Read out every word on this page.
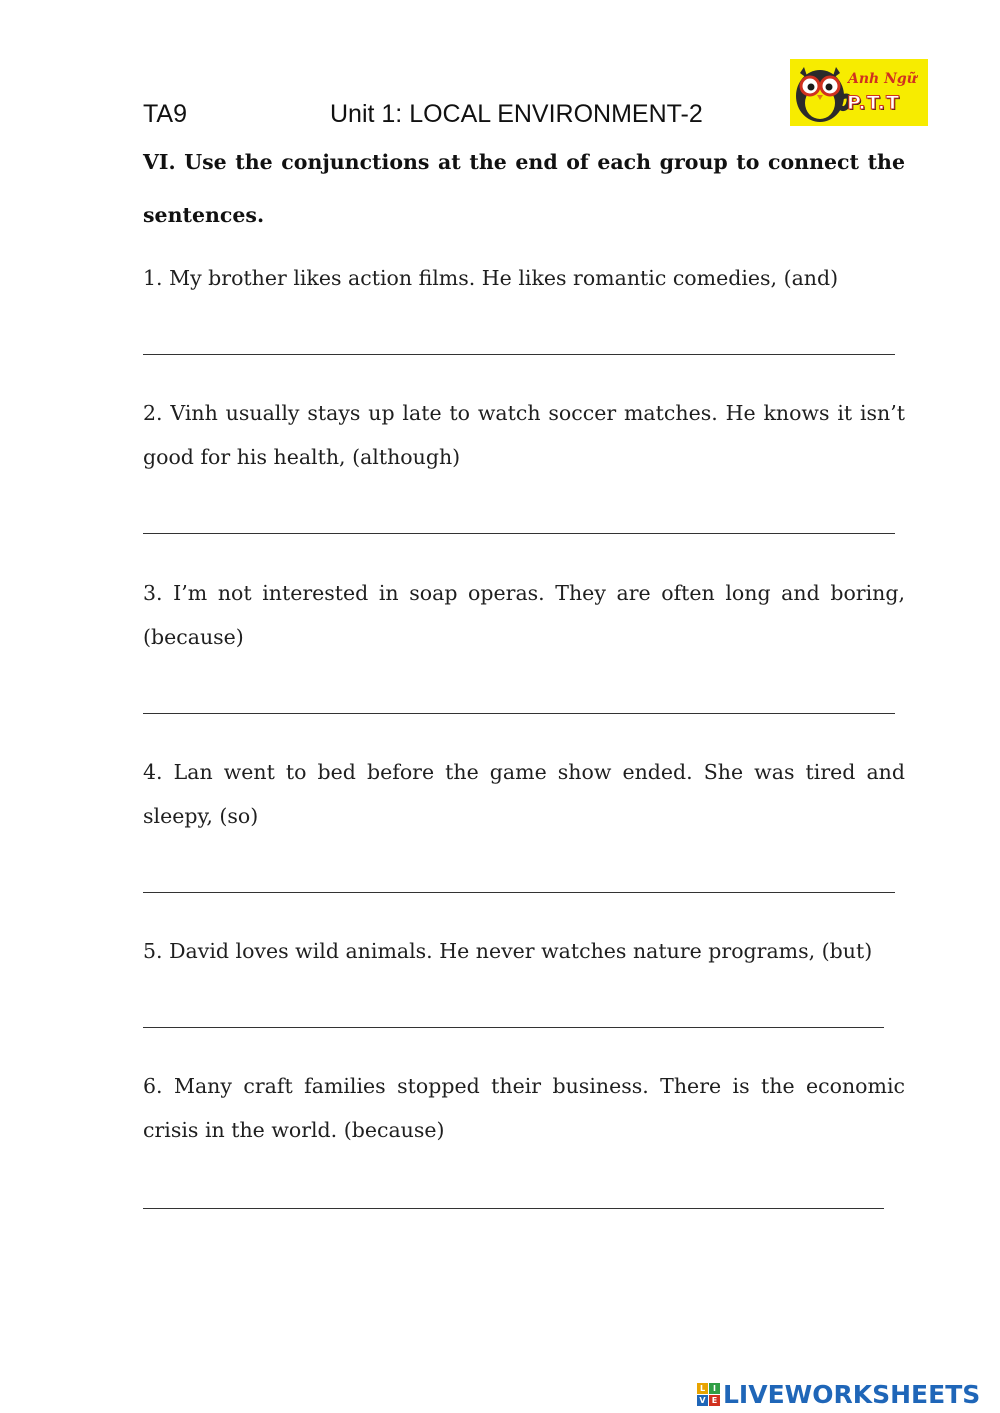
TA9	Unit 1: LOCAL ENVIRONMENT-2
Anh Ngữ
P.T.T
VI. Use the conjunctions at the end of each group to connect the sentences.
1. My brother likes action films. He likes romantic comedies, (and)
2. Vinh usually stays up late to watch soccer matches. He knows it isn’t good for his health, (although)
3. I’m not interested in soap operas. They are often long and boring, (because)
4. Lan went to bed before the game show ended. She was tired and sleepy, (so)
5. David loves wild animals. He never watches nature programs, (but)
6. Many craft families stopped their business. There is the economic crisis in the world. (because)
L I
V E LIVEWORKSHEETS
